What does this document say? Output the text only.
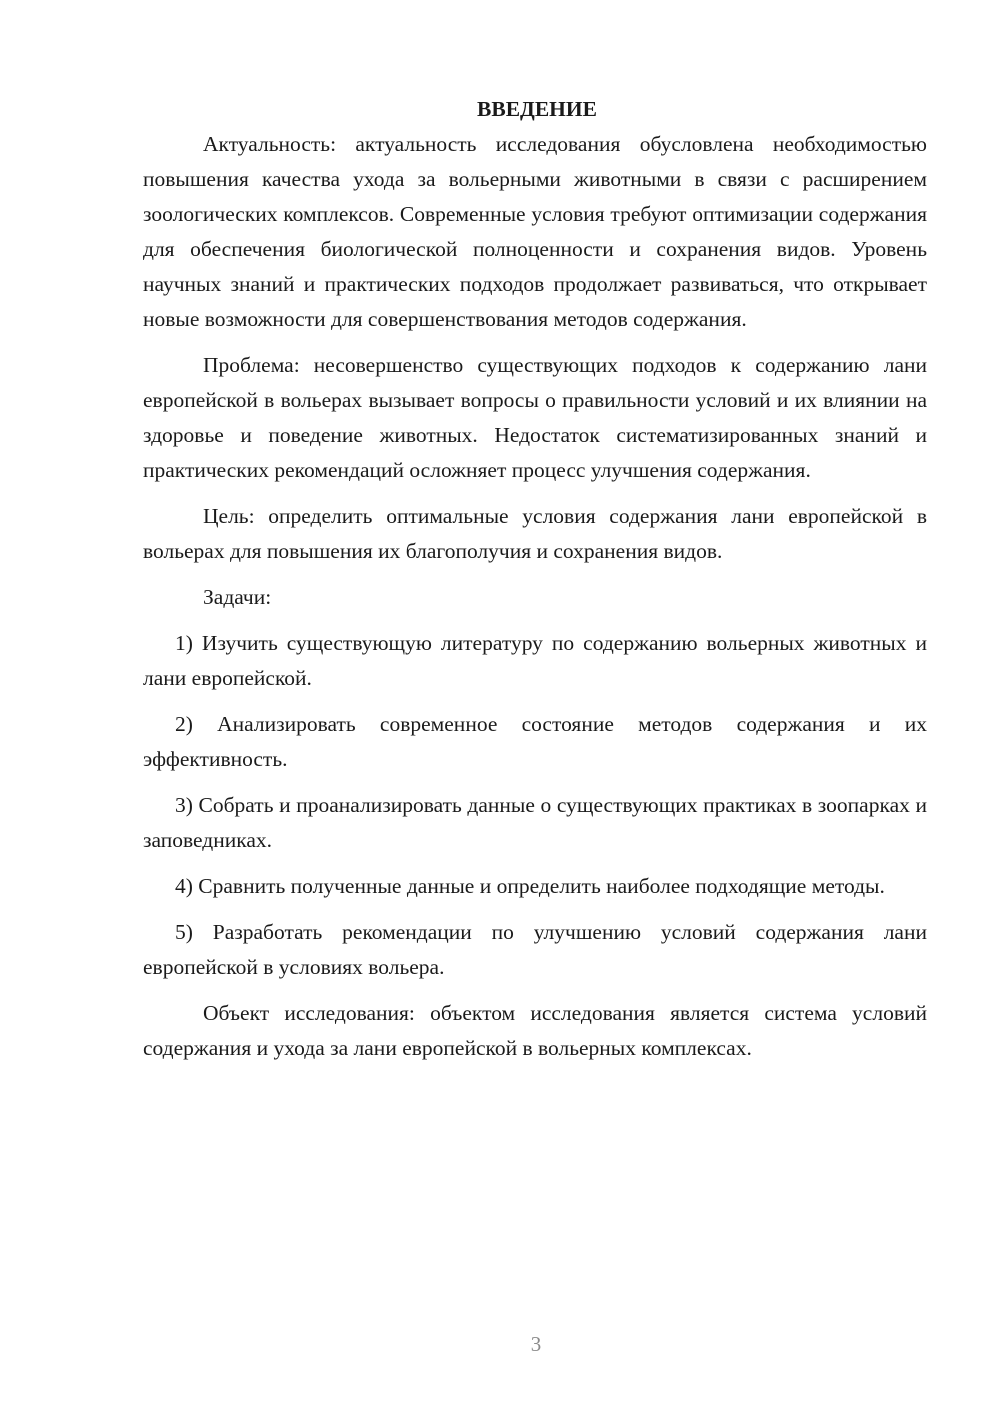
ВВЕДЕНИЕ

Актуальность: актуальность исследования обусловлена необходимостью повышения качества ухода за вольерными животными в связи с расширением зоологических комплексов. Современные условия требуют оптимизации содержания для обеспечения биологической полноценности и сохранения видов. Уровень научных знаний и практических подходов продолжает развиваться, что открывает новые возможности для совершенствования методов содержания.

Проблема: несовершенство существующих подходов к содержанию лани европейской в вольерах вызывает вопросы о правильности условий и их влиянии на здоровье и поведение животных. Недостаток систематизированных знаний и практических рекомендаций осложняет процесс улучшения содержания.

Цель: определить оптимальные условия содержания лани европейской в вольерах для повышения их благополучия и сохранения видов.

Задачи:

1) Изучить существующую литературу по содержанию вольерных животных и лани европейской.

2) Анализировать современное состояние методов содержания и их эффективность.

3) Собрать и проанализировать данные о существующих практиках в зоопарках и заповедниках.

4) Сравнить полученные данные и определить наиболее подходящие методы.

5) Разработать рекомендации по улучшению условий содержания лани европейской в условиях вольера.

Объект исследования: объектом исследования является система условий содержания и ухода за лани европейской в вольерных комплексах.

3
